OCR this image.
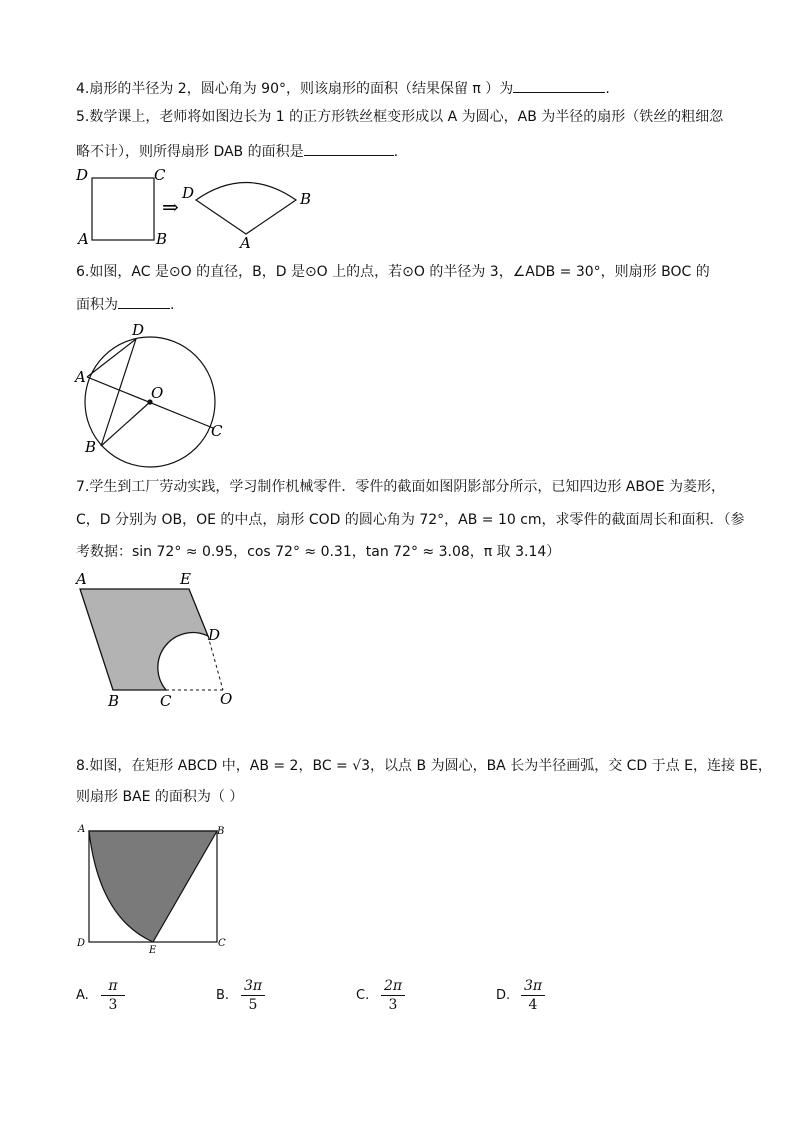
4.扇形的半径为 2，圆心角为 90°，则该扇形的面积（结果保留 π ）为	.
5.数学课上，老师将如图边长为 1 的正方形铁丝框变形成以 A 为圆心，AB 为半径的扇形（铁丝的粗细忽
略不计），则所得扇形 DAB 的面积是	.
D	C
A	B
⇒
D	B
A
6.如图，AC 是⊙O 的直径，B，D 是⊙O 上的点，若⊙O 的半径为 3，∠ADB = 30°，则扇形 BOC 的
面积为	.
D
A
O
B
C
7.学生到工厂劳动实践，学习制作机械零件．零件的截面如图阴影部分所示，已知四边形 ABOE 为菱形，
C，D 分别为 OB，OE 的中点，扇形 COD 的圆心角为 72°，AB = 10 cm，求零件的截面周长和面积．（参
考数据：sin 72° ≈ 0.95，cos 72° ≈ 0.31，tan 72° ≈ 3.08，π 取 3.14）
A	E
D
B	C	O
8.如图，在矩形 ABCD 中，AB = 2，BC = √3，以点 B 为圆心，BA 长为半径画弧，交 CD 于点 E，连接 BE，
则扇形 BAE 的面积为（ ）
A	B
D
E
C
A.
π
3
B.
3π
5
C.
2π
3
D.
3π
4
